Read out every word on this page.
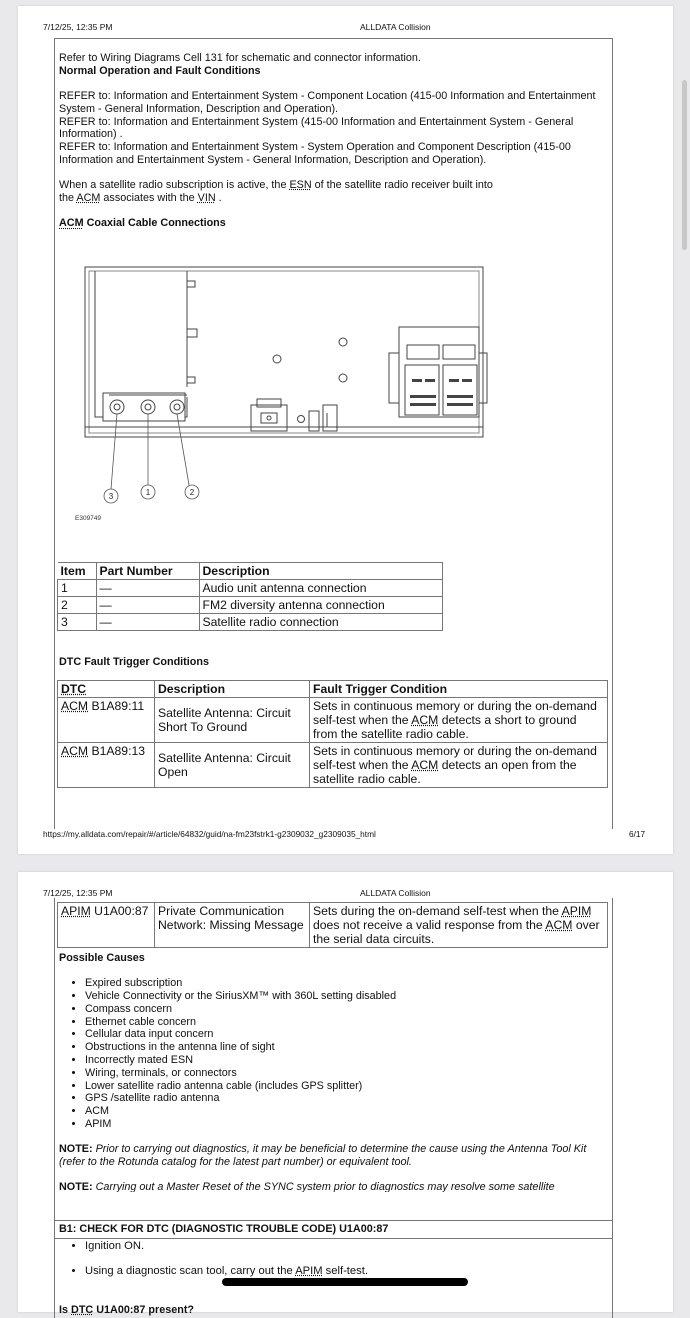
7/12/25, 12:35 PM	ALLDATA Collision

Refer to Wiring Diagrams Cell 131 for schematic and connector information.

Normal Operation and Fault Conditions

REFER to: Information and Entertainment System - Component Location (415-00 Information and Entertainment System - General Information, Description and Operation).

REFER to: Information and Entertainment System (415-00 Information and Entertainment System - General Information) .

REFER to: Information and Entertainment System - System Operation and Component Description (415-00 Information and Entertainment System - General Information, Description and Operation).

When a satellite radio subscription is active, the ESN of the satellite radio receiver built into
the ACM associates with the VIN .

ACM Coaxial Cable Connections

3	1	2
E309749
Item	Part Number	Description
1	—	Audio unit antenna connection
2	—	FM2 diversity antenna connection
3	—	Satellite radio connection

DTC Fault Trigger Conditions

DTC	Description	Fault Trigger Condition
ACM B1A89:11	Satellite Antenna: Circuit Short To Ground	Sets in continuous memory or during the on-demand self-test when the ACM detects a short to ground from the satellite radio cable.
ACM B1A89:13	Satellite Antenna: Circuit Open	Sets in continuous memory or during the on-demand self-test when the ACM detects an open from the satellite radio cable.
https://my.alldata.com/repair/#/article/64832/guid/na-fm23fstrk1-g2309032_g2309035_html	6/17
7/12/25, 12:35 PM	ALLDATA Collision
APIM U1A00:87	Private Communication Network: Missing Message	Sets during the on-demand self-test when the APIM does not receive a valid response from the ACM over the serial data circuits.

Possible Causes

• Expired subscription
• Vehicle Connectivity or the SiriusXM™ with 360L setting disabled
• Compass concern
• Ethernet cable concern
• Cellular data input concern
• Obstructions in the antenna line of sight
• Incorrectly mated ESN
• Wiring, terminals, or connectors
• Lower satellite radio antenna cable (includes GPS splitter)
• GPS /satellite radio antenna
• ACM
• APIM

NOTE: Prior to carrying out diagnostics, it may be beneficial to determine the cause using the Antenna Tool Kit (refer to the Rotunda catalog for the latest part number) or equivalent tool.

NOTE: Carrying out a Master Reset of the SYNC system prior to diagnostics may resolve some satellite

B1: CHECK FOR DTC (DIAGNOSTIC TROUBLE CODE) U1A00:87

• Ignition ON.
• Using a diagnostic scan tool, carry out the APIM self-test.

Is DTC U1A00:87 present?
